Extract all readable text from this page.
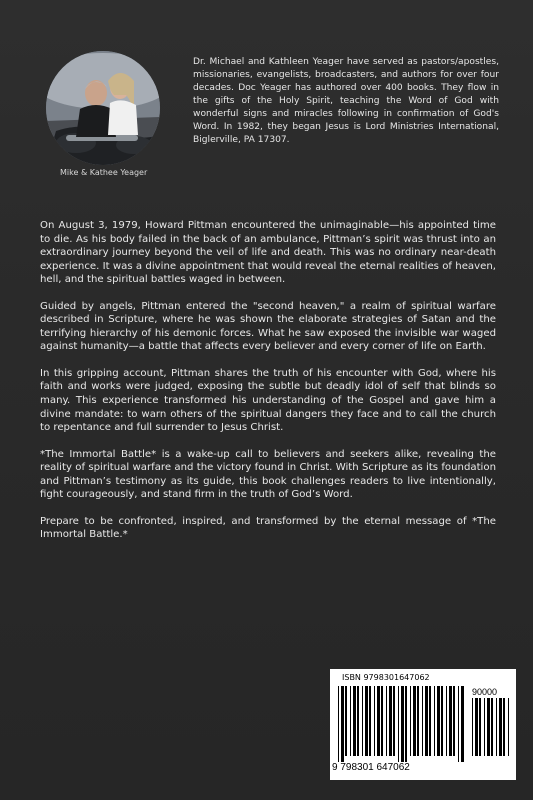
Mike & Kathee Yeager
Dr. Michael and Kathleen Yeager have served as pastors/apostles, missionaries, evangelists, broadcasters, and authors for over four decades. Doc Yeager has authored over 400 books. They flow in the gifts of the Holy Spirit, teaching the Word of God with wonderful signs and miracles following in confirmation of God's Word. In 1982, they began Jesus is Lord Ministries International, Biglerville, PA 17307.

On August 3, 1979, Howard Pittman encountered the unimaginable—his appointed time to die. As his body failed in the back of an ambulance, Pittman’s spirit was thrust into an extraordinary journey beyond the veil of life and death. This was no ordinary near-death experience. It was a divine appointment that would reveal the eternal realities of heaven, hell, and the spiritual battles waged in between.

Guided by angels, Pittman entered the "second heaven," a realm of spiritual warfare described in Scripture, where he was shown the elaborate strategies of Satan and the terrifying hierarchy of his demonic forces. What he saw exposed the invisible war waged against humanity—a battle that affects every believer and every corner of life on Earth.

In this gripping account, Pittman shares the truth of his encounter with God, where his faith and works were judged, exposing the subtle but deadly idol of self that blinds so many. This experience transformed his understanding of the Gospel and gave him a divine mandate: to warn others of the spiritual dangers they face and to call the church to repentance and full surrender to Jesus Christ.

*The Immortal Battle* is a wake-up call to believers and seekers alike, revealing the reality of spiritual warfare and the victory found in Christ. With Scripture as its foundation and Pittman’s testimony as its guide, this book challenges readers to live intentionally, fight courageously, and stand firm in the truth of God’s Word.

Prepare to be confronted, inspired, and transformed by the eternal message of *The Immortal Battle.*

ISBN 9798301647062
90000
9 798301 647062
